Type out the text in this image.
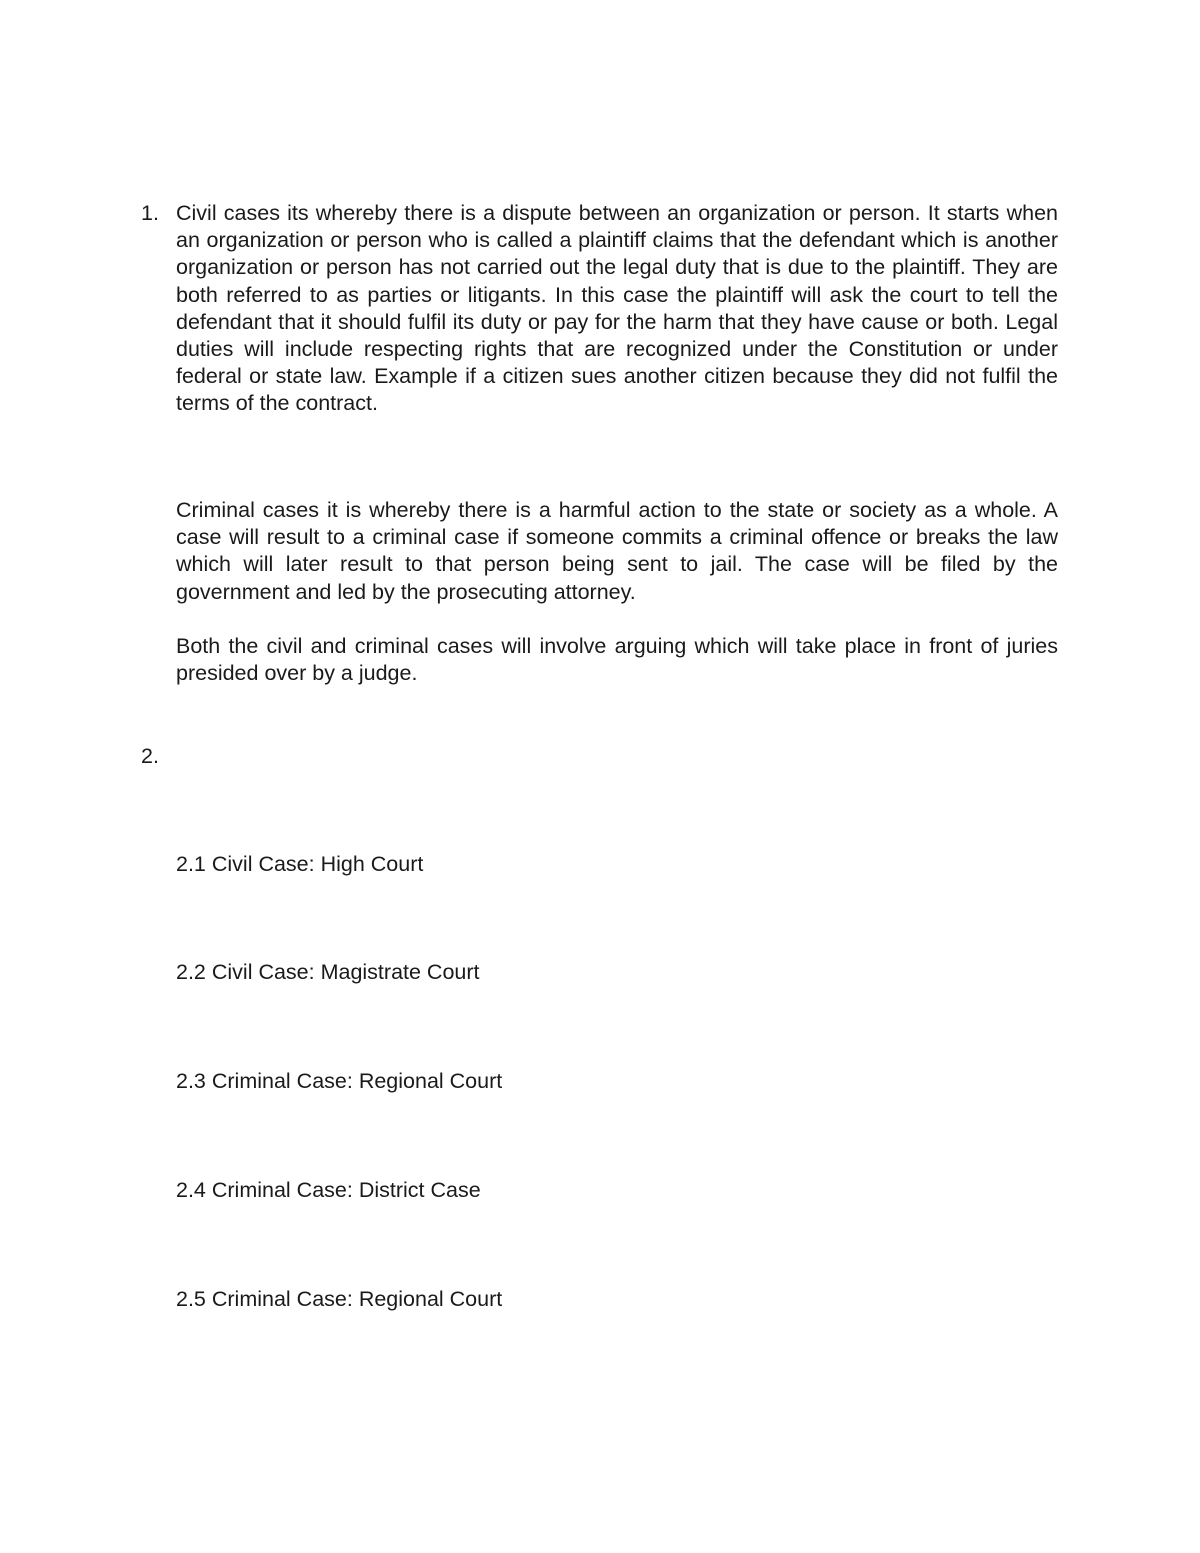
1. Civil cases its whereby there is a dispute between an organization or person. It starts when an organization or person who is called a plaintiff claims that the defendant which is another organization or person has not carried out the legal duty that is due to the plaintiff. They are both referred to as parties or litigants. In this case the plaintiff will ask the court to tell the defendant that it should fulfil its duty or pay for the harm that they have cause or both. Legal duties will include respecting rights that are recognized under the Constitution or under federal or state law. Example if a citizen sues another citizen because they did not fulfil the terms of the contract.
Criminal cases it is whereby there is a harmful action to the state or society as a whole. A case will result to a criminal case if someone commits a criminal offence or breaks the law which will later result to that person being sent to jail. The case will be filed by the government and led by the prosecuting attorney.
Both the civil and criminal cases will involve arguing which will take place in front of juries presided over by a judge.
2.
2.1 Civil Case: High Court
2.2 Civil Case: Magistrate Court
2.3 Criminal Case: Regional Court
2.4 Criminal Case: District Case
2.5 Criminal Case: Regional Court
